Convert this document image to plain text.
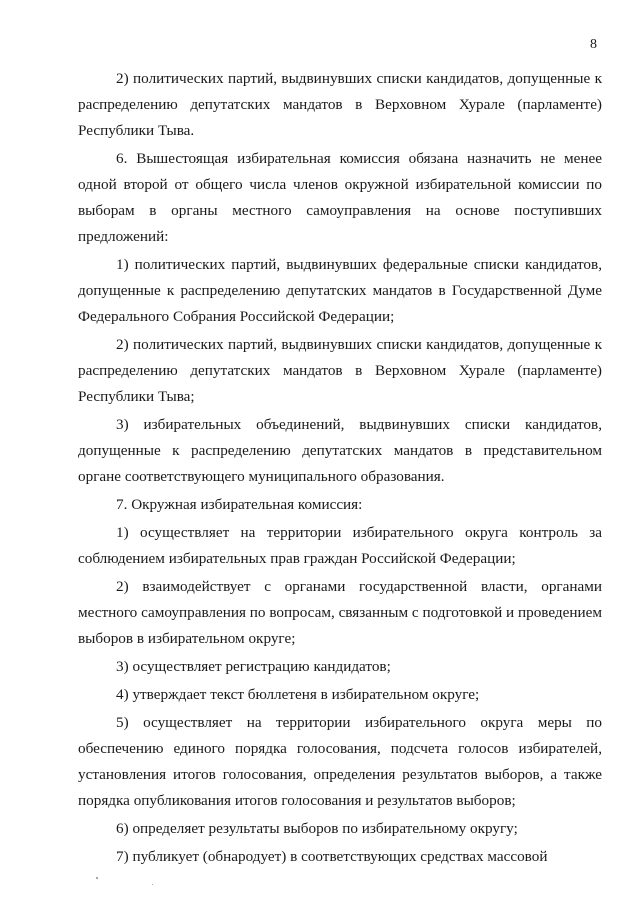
8

2) политических партий, выдвинувших списки кандидатов, допущенные к распределению депутатских мандатов в Верховном Хурале (парламенте) Республики Тыва.

6. Вышестоящая избирательная комиссия обязана назначить не менее одной второй от общего числа членов окружной избирательной комиссии по выборам в органы местного самоуправления на основе поступивших предложений:

1) политических партий, выдвинувших федеральные списки кандидатов, допущенные к распределению депутатских мандатов в Государственной Думе Федерального Собрания Российской Федерации;

2) политических партий, выдвинувших списки кандидатов, допущенные к распределению депутатских мандатов в Верховном Хурале (парламенте) Республики Тыва;

3) избирательных объединений, выдвинувших списки кандидатов, допущенные к распределению депутатских мандатов в представительном органе соответствующего муниципального образования.

7. Окружная избирательная комиссия:

1) осуществляет на территории избирательного округа контроль за соблюдением избирательных прав граждан Российской Федерации;

2) взаимодействует с органами государственной власти, органами местного самоуправления по вопросам, связанным с подготовкой и проведением выборов в избирательном округе;

3) осуществляет регистрацию кандидатов;

4) утверждает текст бюллетеня в избирательном округе;

5) осуществляет на территории избирательного округа меры по обеспечению единого порядка голосования, подсчета голосов избирателей, установления итогов голосования, определения результатов выборов, а также порядка опубликования итогов голосования и результатов выборов;

6) определяет результаты выборов по избирательному округу;

7) публикует (обнародует) в соответствующих средствах массовой
